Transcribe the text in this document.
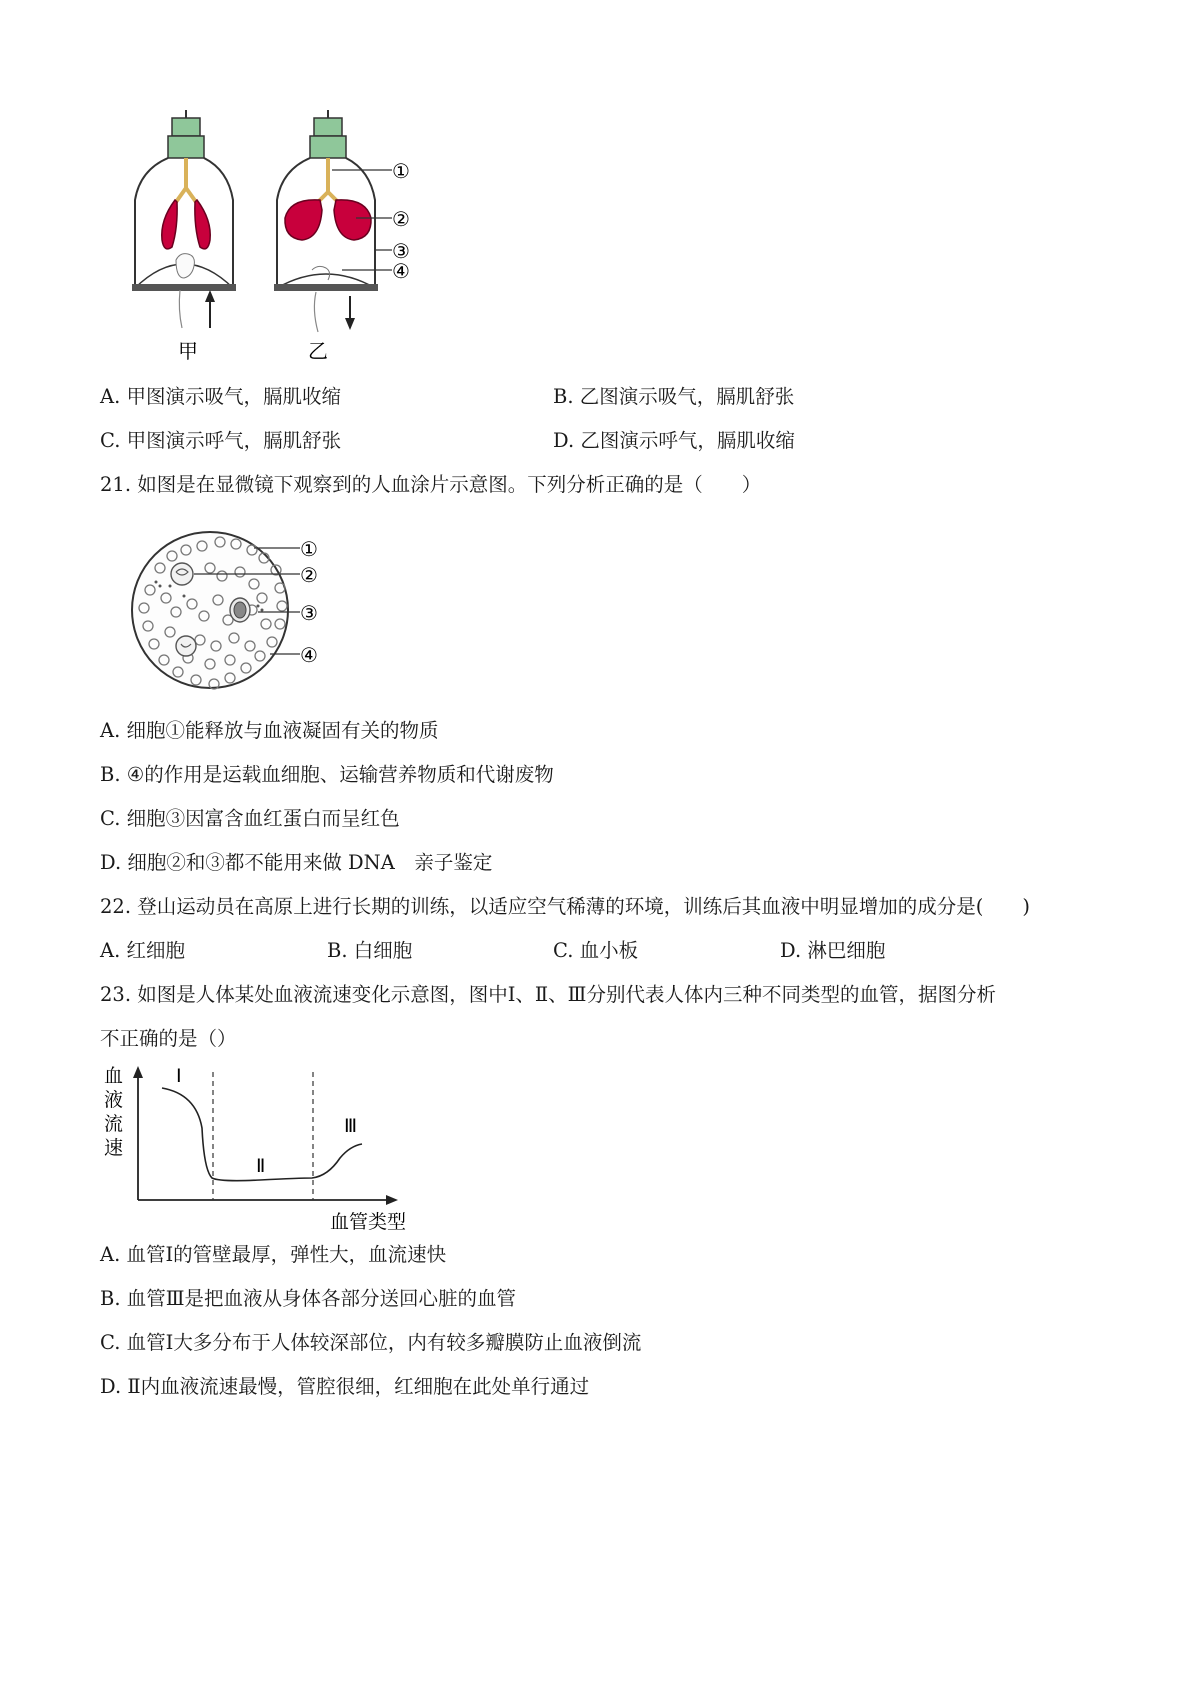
甲	乙
①
②
③
④
A. 甲图演示吸气，膈肌收缩	B. 乙图演示吸气，膈肌舒张
C. 甲图演示呼气，膈肌舒张	D. 乙图演示呼气，膈肌收缩
21. 如图是在显微镜下观察到的人血涂片示意图。下列分析正确的是（　　）
①
②
③
④
A. 细胞①能释放与血液凝固有关的物质
B. ④的作用是运载血细胞、运输营养物质和代谢废物
C. 细胞③因富含血红蛋白而呈红色
D. 细胞②和③都不能用来做 DNA　亲子鉴定
22. 登山运动员在高原上进行长期的训练，以适应空气稀薄的环境，训练后其血液中明显增加的成分是(　　)
A. 红细胞	B. 白细胞	C. 血小板	D. 淋巴细胞
23. 如图是人体某处血液流速变化示意图，图中Ⅰ、Ⅱ、Ⅲ分别代表人体内三种不同类型的血管，据图分析
不正确的是（）
血
液
流
速
Ⅰ
Ⅱ
Ⅲ
血管类型
A. 血管Ⅰ的管壁最厚，弹性大，血流速快
B. 血管Ⅲ是把血液从身体各部分送回心脏的血管
C. 血管Ⅰ大多分布于人体较深部位，内有较多瓣膜防止血液倒流
D. Ⅱ内血液流速最慢，管腔很细，红细胞在此处单行通过
